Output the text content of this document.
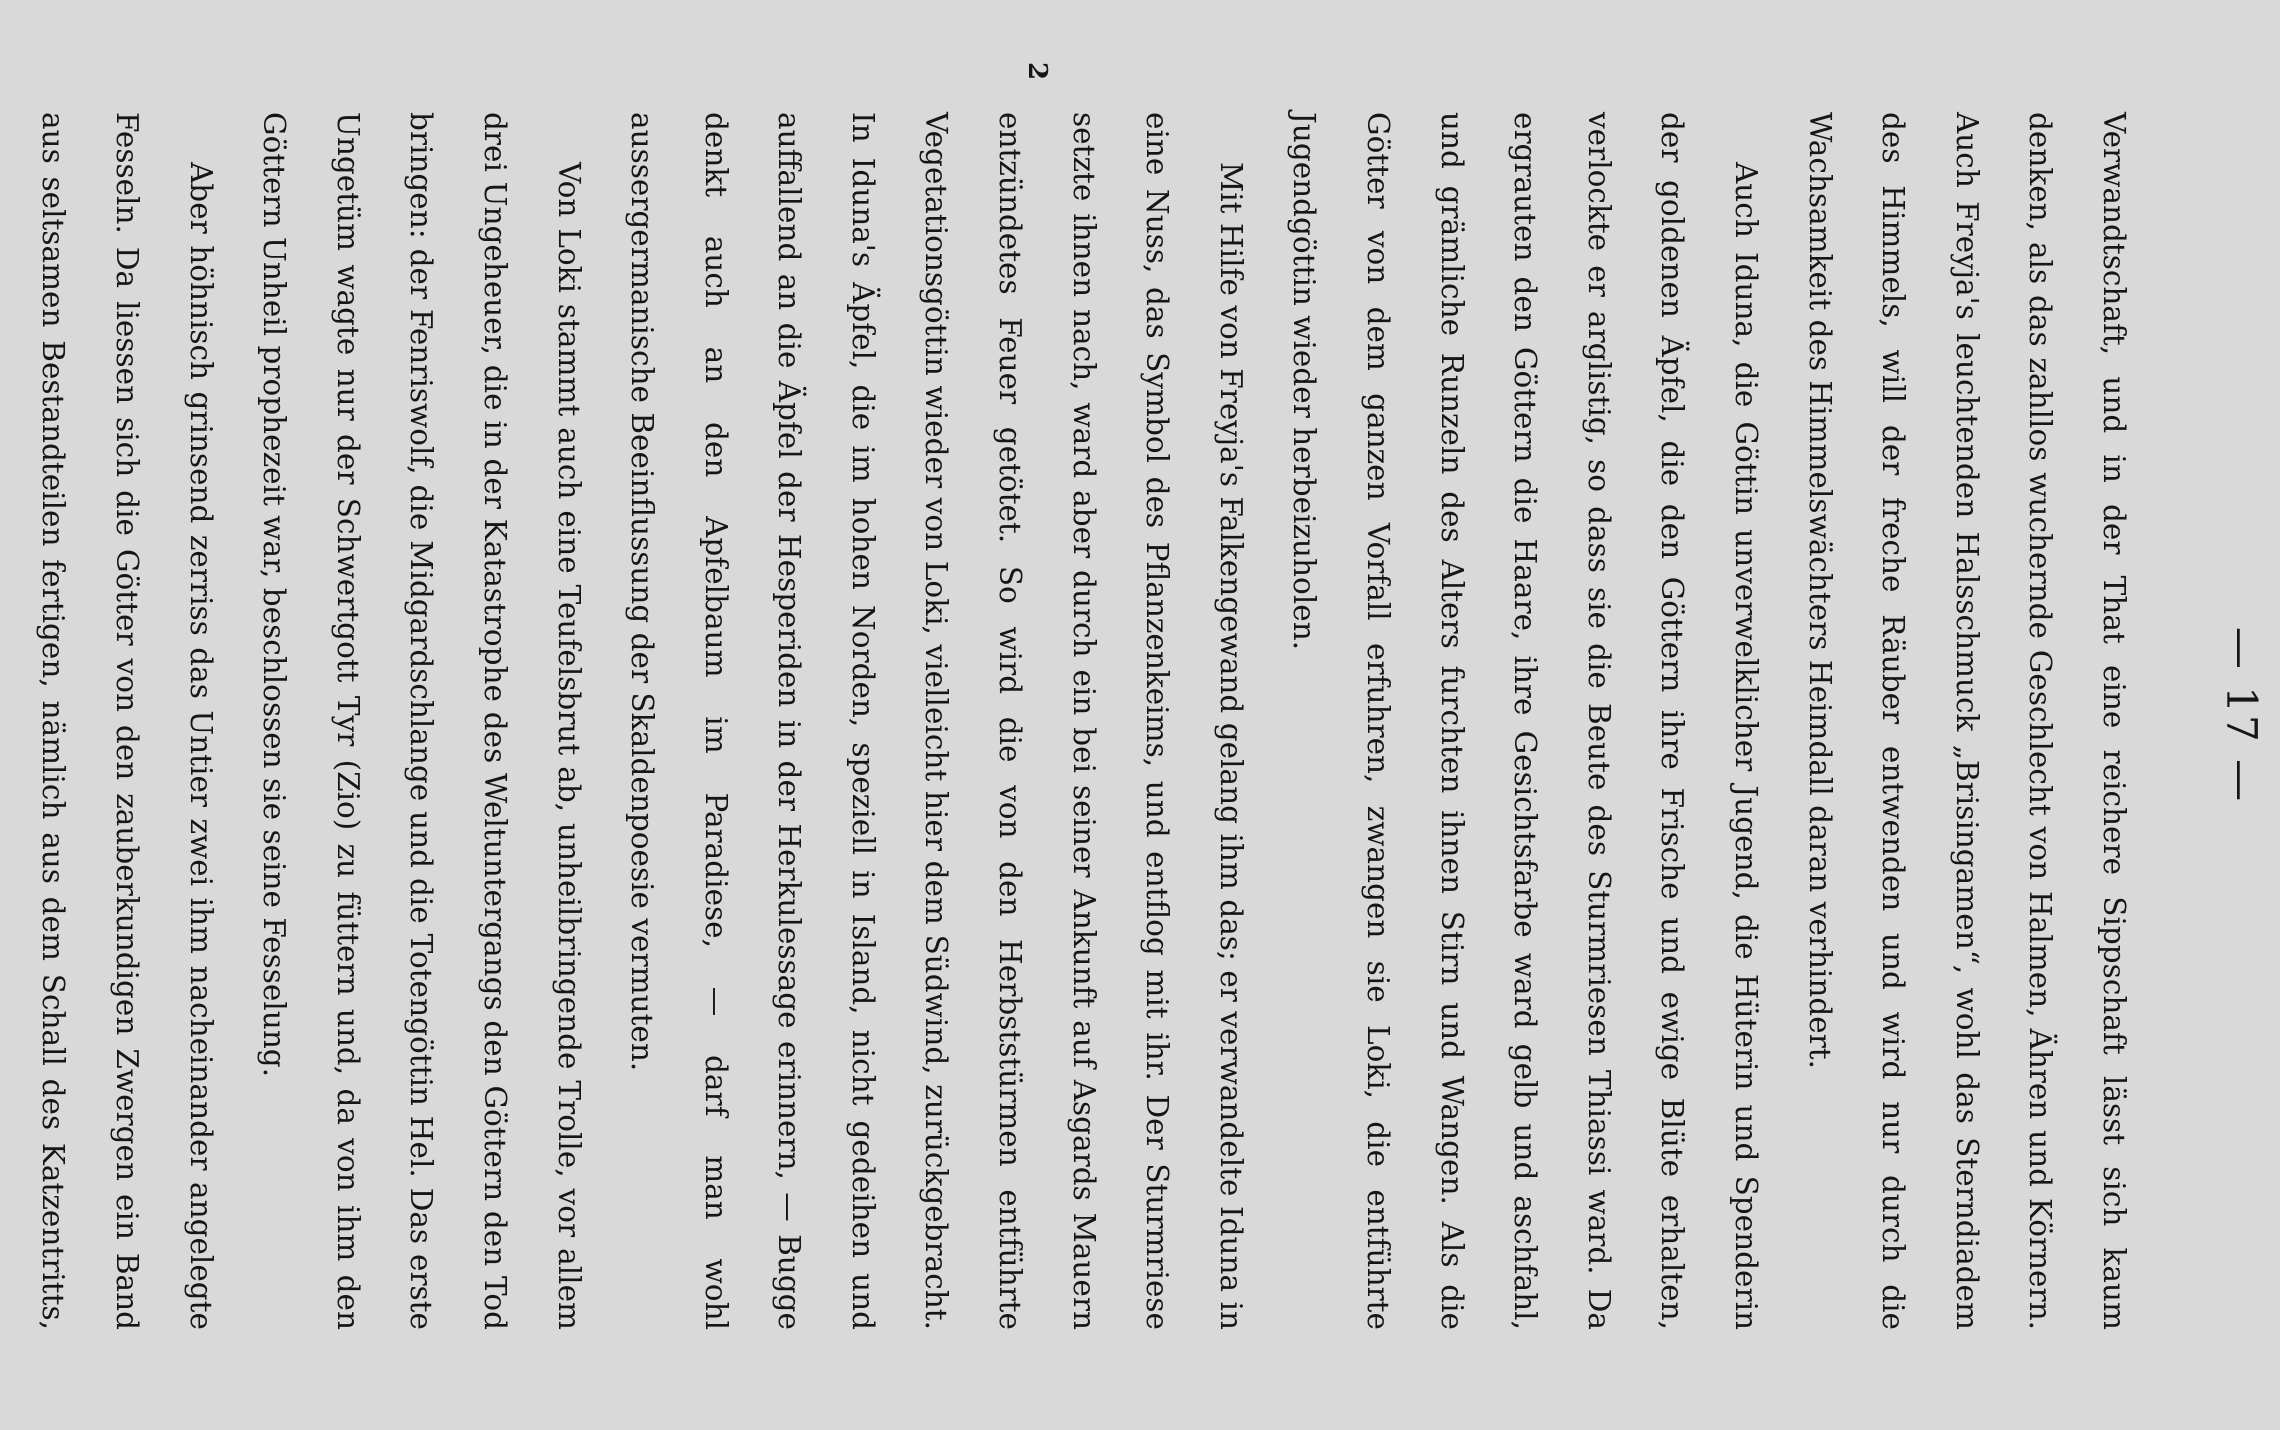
— 17 —

Verwandtschaft, und in der That eine reichere Sippschaft lässt sich kaum denken, als das zahllos wuchernde Geschlecht von Halmen, Ähren und Körnern. Auch Freyja's leuchtenden Halsschmuck „Brisingamen“, wohl das Sterndiadem des Himmels, will der freche Räuber entwenden und wird nur durch die Wachsamkeit des Himmelswächters Heimdall daran verhindert.

Auch Iduna, die Göttin unverwelklicher Jugend, die Hüterin und Spenderin der goldenen Äpfel, die den Göttern ihre Frische und ewige Blüte erhalten, verlockte er arglistig, so dass sie die Beute des Sturmriesen Thiassi ward. Da ergrauten den Göttern die Haare, ihre Gesichtsfarbe ward gelb und aschfahl, und grämliche Runzeln des Alters furchten ihnen Stirn und Wangen. Als die Götter von dem ganzen Vorfall erfuhren, zwangen sie Loki, die entführte Jugendgöttin wieder herbeizuholen.

Mit Hilfe von Freyja's Falkengewand gelang ihm das; er verwandelte Iduna in eine Nuss, das Symbol des Pflanzenkeims, und entflog mit ihr. Der Sturmriese setzte ihnen nach, ward aber durch ein bei seiner Ankunft auf Asgards Mauern entzündetes Feuer getötet. So wird die von den Herbststürmen entführte Vegetationsgöttin wieder von Loki, vielleicht hier dem Südwind, zurückgebracht. In Iduna's Äpfel, die im hohen Norden, speziell in Island, nicht gedeihen und auffallend an die Äpfel der Hesperiden in der Herkulessage erinnern, — Bugge denkt auch an den Apfelbaum im Paradiese, — darf man wohl aussergermanische Beeinflussung der Skaldenpoesie vermuten.

Von Loki stammt auch eine Teufelsbrut ab, unheilbringende Trolle, vor allem drei Ungeheuer, die in der Katastrophe des Weltuntergangs den Göttern den Tod bringen: der Fenriswolf, die Midgardschlange und die Totengöttin Hel. Das erste Ungetüm wagte nur der Schwertgott Tyr (Zio) zu füttern und, da von ihm den Göttern Unheil prophezeit war, beschlossen sie seine Fesselung.

Aber höhnisch grinsend zerriss das Untier zwei ihm nacheinander angelegte Fesseln. Da liessen sich die Götter von den zauberkundigen Zwergen ein Band aus seltsamen Bestandteilen fertigen, nämlich aus dem Schall des Katzentritts,

2
